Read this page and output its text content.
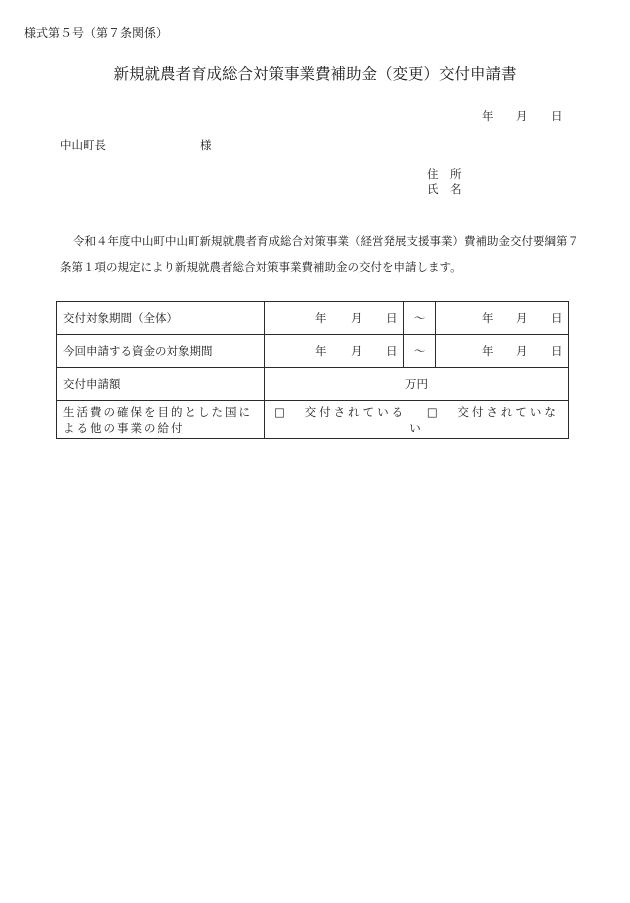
様式第５号（第７条関係）
新規就農者育成総合対策事業費補助金（変更）交付申請書
年 月 日
中山町長	様
住　所
氏　名

令和４年度中山町中山町新規就農者育成総合対策事業（経営発展支援事業）費補助金交付要綱第７

条第１項の規定により新規就農者総合対策事業費補助金の交付を申請します。

交付対象期間（全体）	年 月 日	～	年 月 日

今回申請する資金の対象期間	年 月 日	～	年 月 日

交付申請額	万円		

生活費の確保を目的とした国に
よる他の事業の給付	□ 交付されている □ 交付されていない		
